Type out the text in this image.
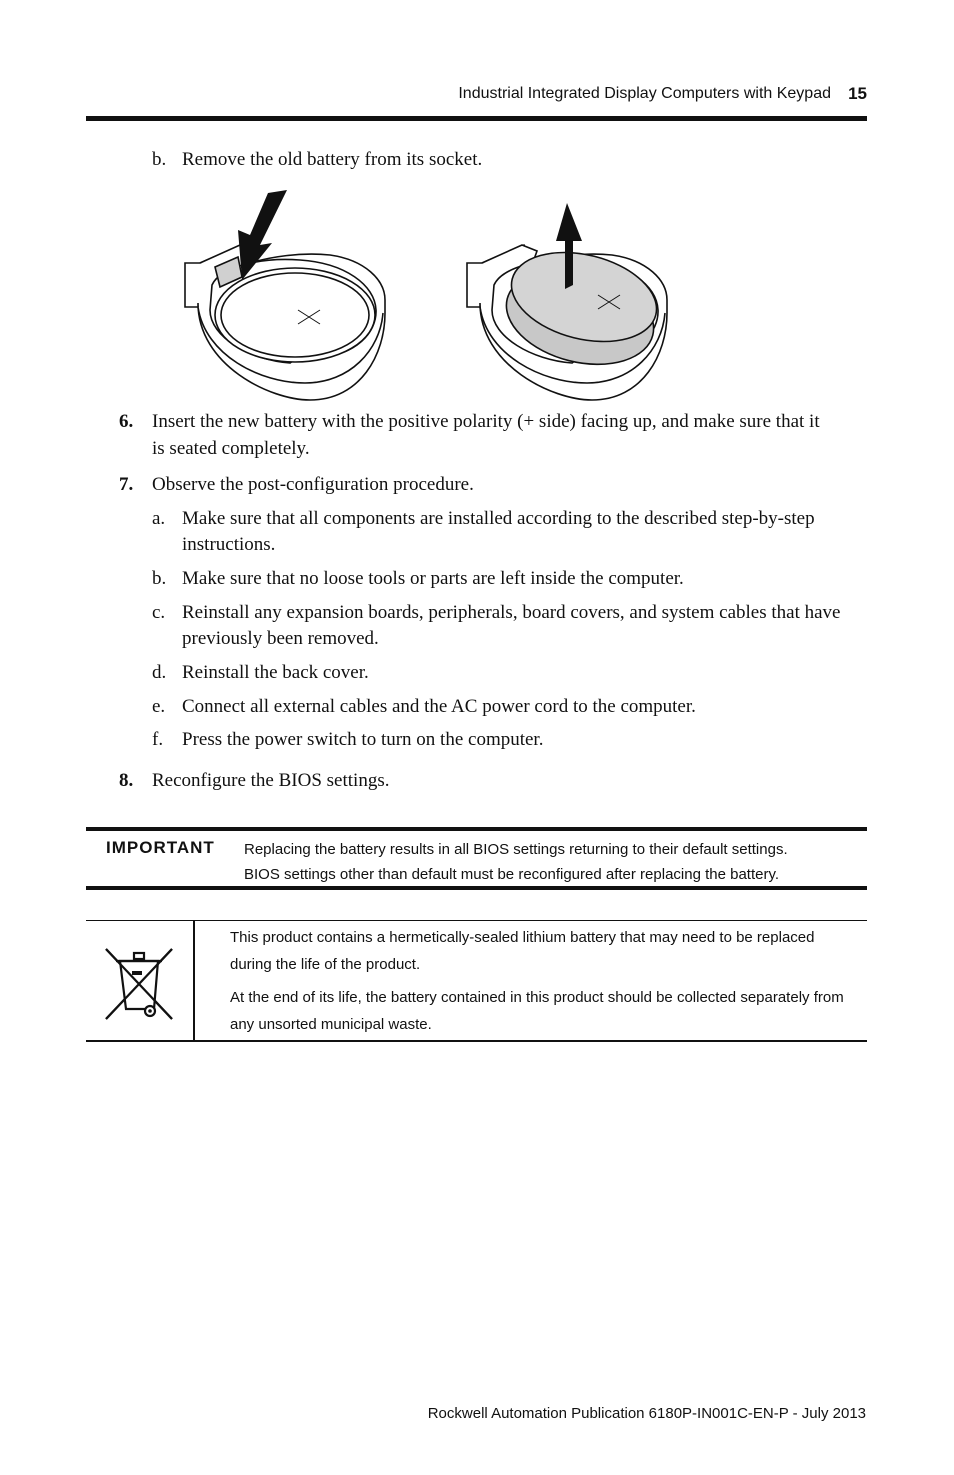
Industrial Integrated Display Computers with Keypad 15
b. Remove the old battery from its socket.
6. Insert the new battery with the positive polarity (+ side) facing up, and make sure that it
is seated completely.
7. Observe the post-configuration procedure.
a. Make sure that all components are installed according to the described step-by-step
instructions.
b. Make sure that no loose tools or parts are left inside the computer.
c. Reinstall any expansion boards, peripherals, board covers, and system cables that have
previously been removed.
d. Reinstall the back cover.
e. Connect all external cables and the AC power cord to the computer.
f. Press the power switch to turn on the computer.
8. Reconfigure the BIOS settings.
IMPORTANT Replacing the battery results in all BIOS settings returning to their default settings.
BIOS settings other than default must be reconfigured after replacing the battery.
This product contains a hermetically-sealed lithium battery that may need to be replaced during the life of the product.
At the end of its life, the battery contained in this product should be collected separately from any unsorted municipal waste.
Rockwell Automation Publication 6180P-IN001C-EN-P - July 2013
